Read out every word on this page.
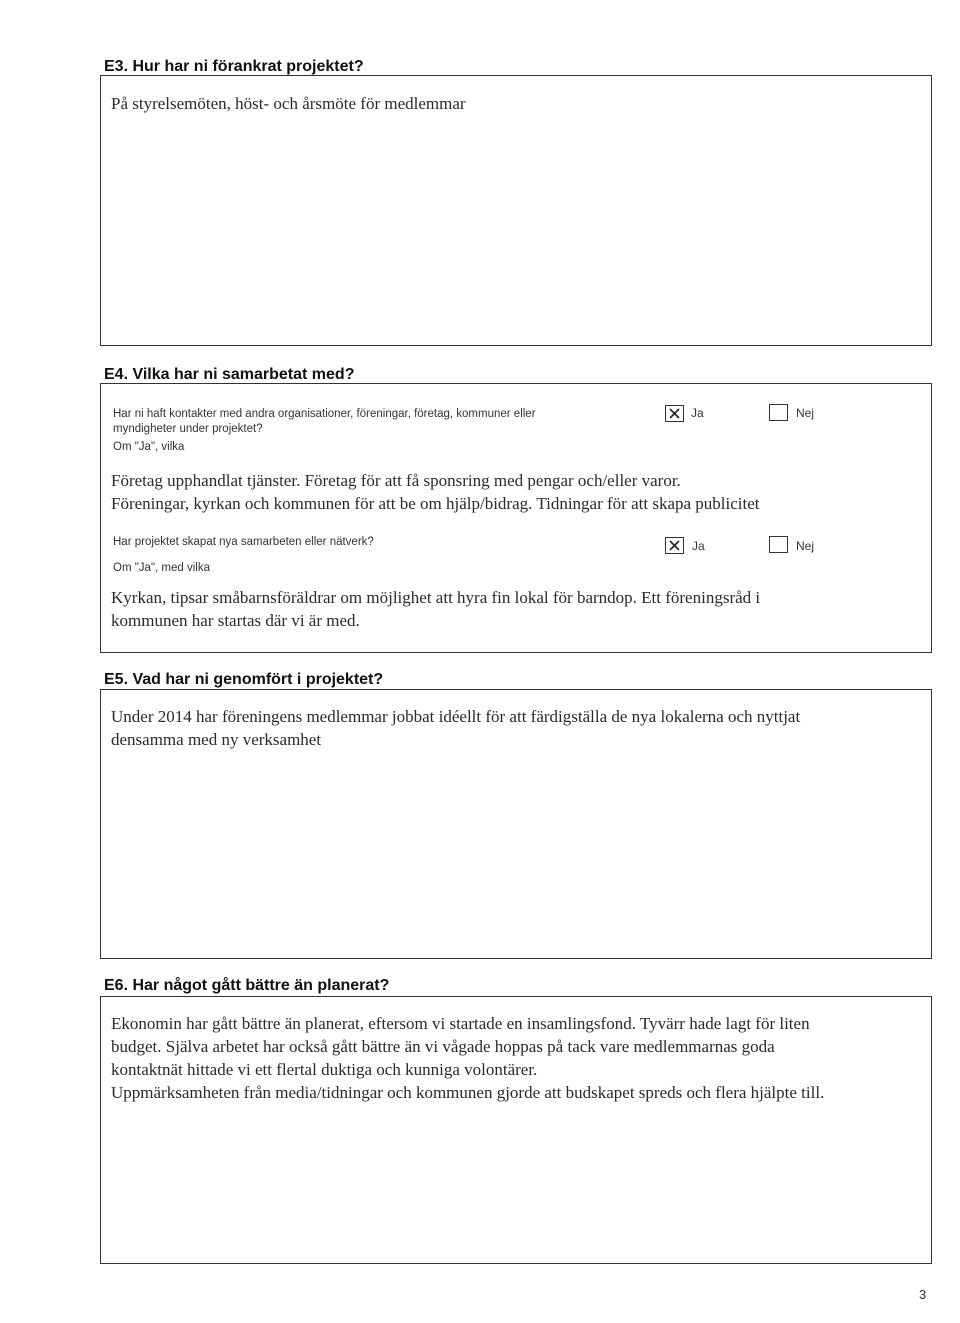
E3. Hur har ni förankrat projektet?
På styrelsemöten, höst- och årsmöte för medlemmar
E4. Vilka har ni samarbetat med?
Har ni haft kontakter med andra organisationer, föreningar, företag, kommuner eller
myndigheter under projektet?
Om "Ja", vilka
Företag upphandlat tjänster. Företag för att få sponsring med pengar och/eller varor.
Föreningar, kyrkan och kommunen för att be om hjälp/bidrag. Tidningar för att skapa publicitet
Har projektet skapat nya samarbeten eller nätverk?
Om "Ja", med vilka
Kyrkan, tipsar småbarnsföräldrar om möjlighet att hyra fin lokal för barndop. Ett föreningsråd i
kommunen har startas där vi är med.
Ja	Nej
Ja	Nej
E5. Vad har ni genomfört i projektet?
Under 2014 har föreningens medlemmar jobbat idéellt för att färdigställa de nya lokalerna och nyttjat
densamma med ny verksamhet
E6. Har något gått bättre än planerat?
Ekonomin har gått bättre än planerat, eftersom vi startade en insamlingsfond. Tyvärr hade lagt för liten
budget. Själva arbetet har också gått bättre än vi vågade hoppas på tack vare medlemmarnas goda
kontaktnät hittade vi ett flertal duktiga och kunniga volontärer.
Uppmärksamheten från media/tidningar och kommunen gjorde att budskapet spreds och flera hjälpte till.
3
